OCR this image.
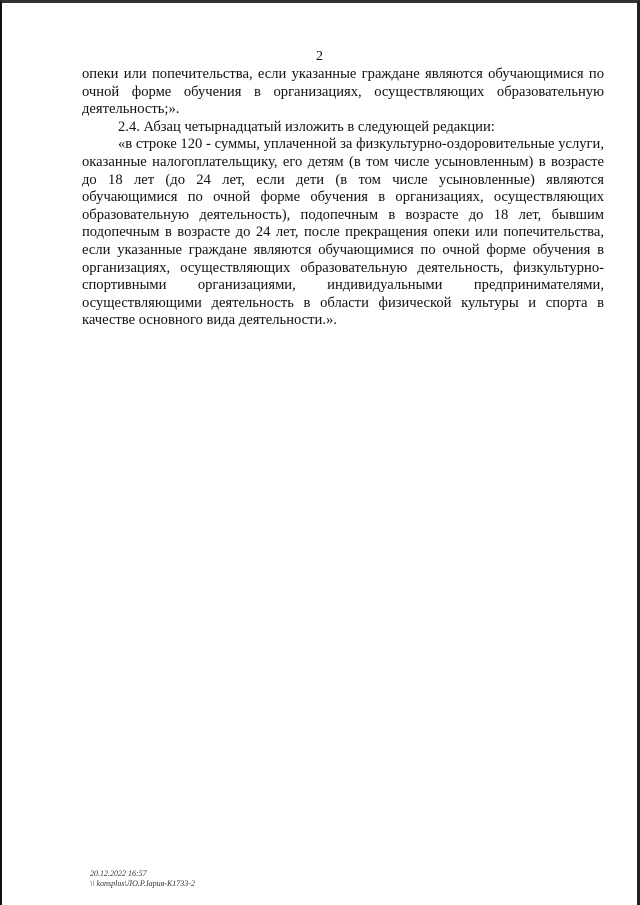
2

опеки или попечительства, если указанные граждане являются обучающимися по очной форме обучения в организациях, осуществляющих образовательную деятельность;».

2.4. Абзац четырнадцатый изложить в следующей редакции:

«в строке 120 - суммы, уплаченной за физкультурно-оздоровительные услуги, оказанные налогоплательщику, его детям (в том числе усыновленным) в возрасте до 18 лет (до 24 лет, если дети (в том числе усыновленные) являются обучающимися по очной форме обучения в организациях, осуществляющих образовательную деятельность), подопечным в возрасте до 18 лет, бывшим подопечным в возрасте до 24 лет, после прекращения опеки или попечительства, если указанные граждане являются обучающимися по очной форме обучения в организациях, осуществляющих образовательную деятельность, физкультурно-спортивными организациями, индивидуальными предпринимателями, осуществляющими деятельность в области физической культуры и спорта в качестве основного вида деятельности.».

20.12.2022 16:57
\\ konsplus\ЛО.Р.Іария-К1733-2
